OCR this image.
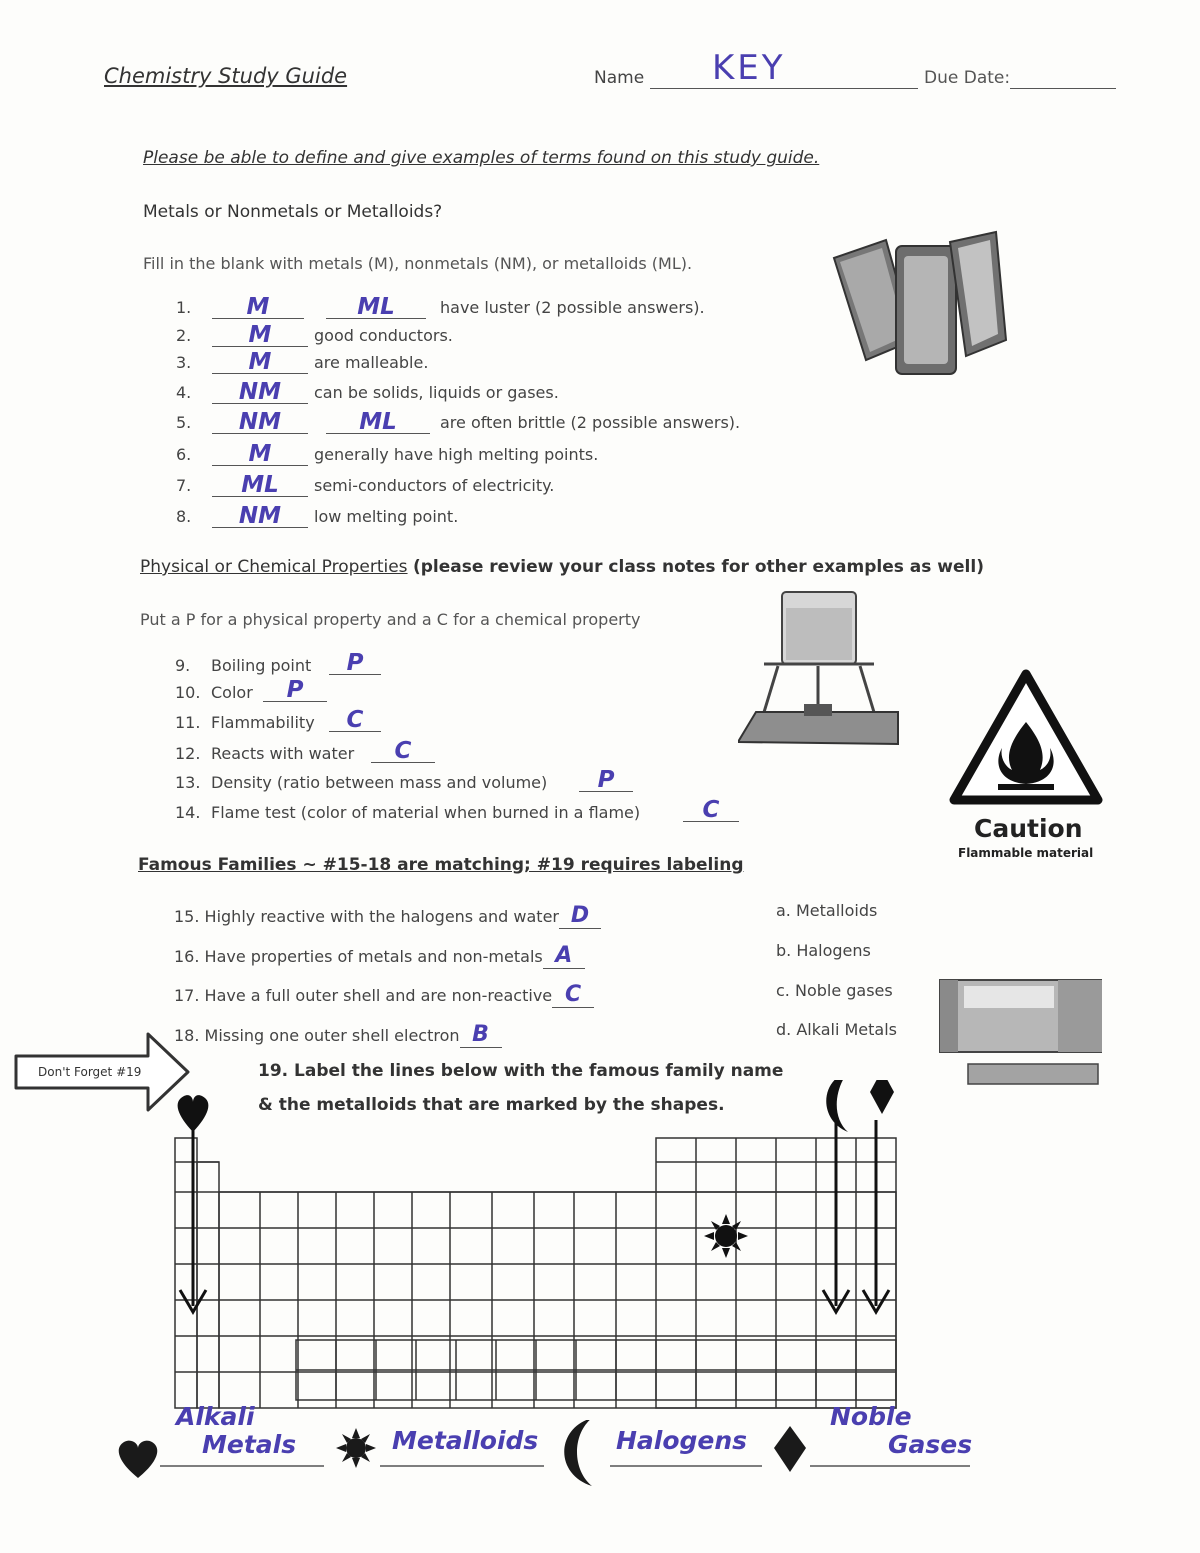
Chemistry Study Guide	Name KEY	Due Date:
Please be able to define and give examples of terms found on this study guide.
Metals or Nonmetals or Metalloids?
Fill in the blank with metals (M), nonmetals (NM), or metalloids (ML).
1.	M	ML	have luster (2 possible answers).
2.	M	good conductors.
3.	M	are malleable.
4.	NM	can be solids, liquids or gases.
5.	NM	ML	are often brittle (2 possible answers).
6.	M	generally have high melting points.
7.	ML	semi-conductors of electricity.
8.	NM	low melting point.
Physical or Chemical Properties (please review your class notes for other examples as well)
Put a P for a physical property and a C for a chemical property
Caution
Flammable material
9. Boiling point	P
10. Color	P
11. Flammability	C
12. Reacts with water	C
13. Density (ratio between mass and volume)	P
14. Flame test (color of material when burned in a flame)	C
Famous Families ~ #15-18 are matching; #19 requires labeling
15. Highly reactive with the halogens and water D
16. Have properties of metals and non-metals A
17. Have a full outer shell and are non-reactive C
18. Missing one outer shell electron B
a. Metalloids
b. Halogens
c. Noble gases
d. Alkali Metals
Don't Forget #19	19. Label the lines below with the famous family name
& the metalloids that are marked by the shapes.
Alkali
Metals	Metalloids	Halogens
Noble
Gases
